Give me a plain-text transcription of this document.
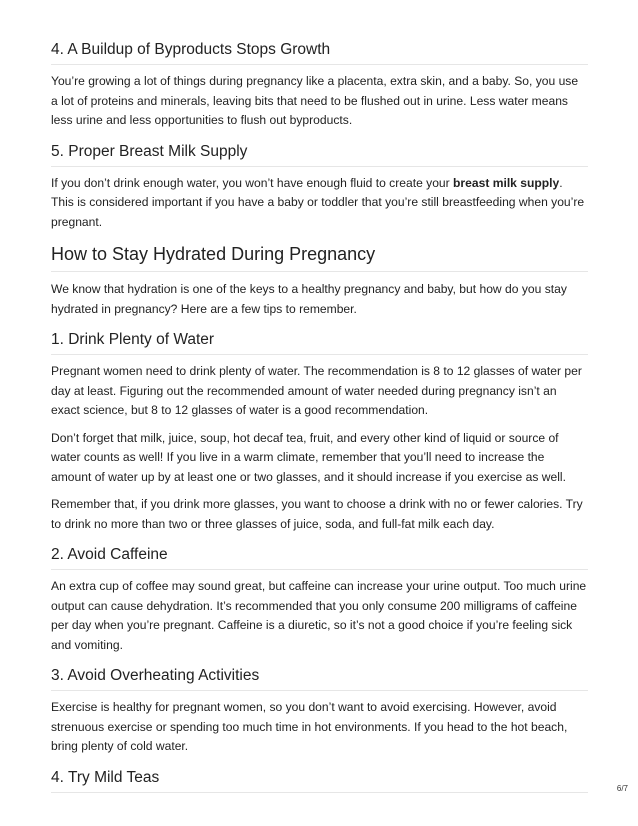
4. A Buildup of Byproducts Stops Growth

You’re growing a lot of things during pregnancy like a placenta, extra skin, and a baby. So, you use a lot of proteins and minerals, leaving bits that need to be flushed out in urine. Less water means less urine and less opportunities to flush out byproducts.

5. Proper Breast Milk Supply

If you don’t drink enough water, you won’t have enough fluid to create your breast milk supply. This is considered important if you have a baby or toddler that you’re still breastfeeding when you’re pregnant.

How to Stay Hydrated During Pregnancy

We know that hydration is one of the keys to a healthy pregnancy and baby, but how do you stay hydrated in pregnancy? Here are a few tips to remember.

1. Drink Plenty of Water

Pregnant women need to drink plenty of water. The recommendation is 8 to 12 glasses of water per day at least. Figuring out the recommended amount of water needed during pregnancy isn’t an exact science, but 8 to 12 glasses of water is a good recommendation.

Don’t forget that milk, juice, soup, hot decaf tea, fruit, and every other kind of liquid or source of water counts as well! If you live in a warm climate, remember that you’ll need to increase the amount of water up by at least one or two glasses, and it should increase if you exercise as well.

Remember that, if you drink more glasses, you want to choose a drink with no or fewer calories. Try to drink no more than two or three glasses of juice, soda, and full-fat milk each day.

2. Avoid Caffeine

An extra cup of coffee may sound great, but caffeine can increase your urine output. Too much urine output can cause dehydration. It’s recommended that you only consume 200 milligrams of caffeine per day when you’re pregnant. Caffeine is a diuretic, so it’s not a good choice if you’re feeling sick and vomiting.

3. Avoid Overheating Activities

Exercise is healthy for pregnant women, so you don’t want to avoid exercising. However, avoid strenuous exercise or spending too much time in hot environments. If you head to the hot beach, bring plenty of cold water.

4. Try Mild Teas
6/7
